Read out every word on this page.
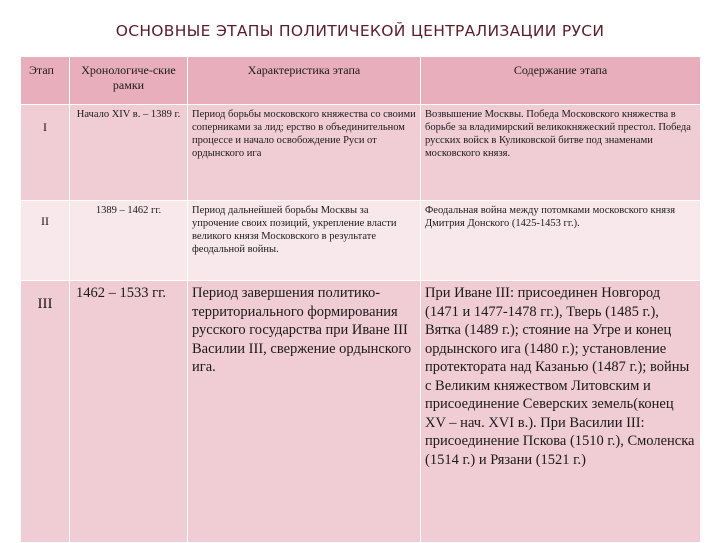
ОСНОВНЫЕ ЭТАПЫ ПОЛИТИЧЕКОЙ ЦЕНТРАЛИЗАЦИИ РУСИ
Этап	Хронологиче-ские рамки	Характеристика этапа	Содержание этапа
I	Начало XIV в. – 1389 г.	Период борьбы московского княжества со своими соперниками за лид; ерство в объединительном процессе и начало освобождение Руси от ордынского ига	Возвышение Москвы. Победа Московского княжества в борьбе за владимирский великокняжеский престол. Победа русских войск в Куликовской битве под знаменами московского князя.
II	1389 – 1462 гг.	Период дальнейшей борьбы Москвы за упрочение своих позиций, укрепление власти великого князя Московского в результате феодальной войны.	Феодальная война между потомками московского князя Дмитрия Донского (1425-1453 гг.).
III	1462 – 1533 гг.	Период завершения политико-территориального формирования русского государства при Иване III Василии III, свержение ордынского ига.	При Иване III: присоединен Новгород (1471 и 1477-1478 гг.), Тверь (1485 г.), Вятка (1489 г.); стояние на Угре и конец ордынского ига (1480 г.); установление протектората над Казанью (1487 г.); войны с Великим княжеством Литовским и присоединение Северских земель(конец XV – нач. XVI в.). При Василии III: присоединение Пскова (1510 г.), Смоленска (1514 г.) и Рязани (1521 г.)
